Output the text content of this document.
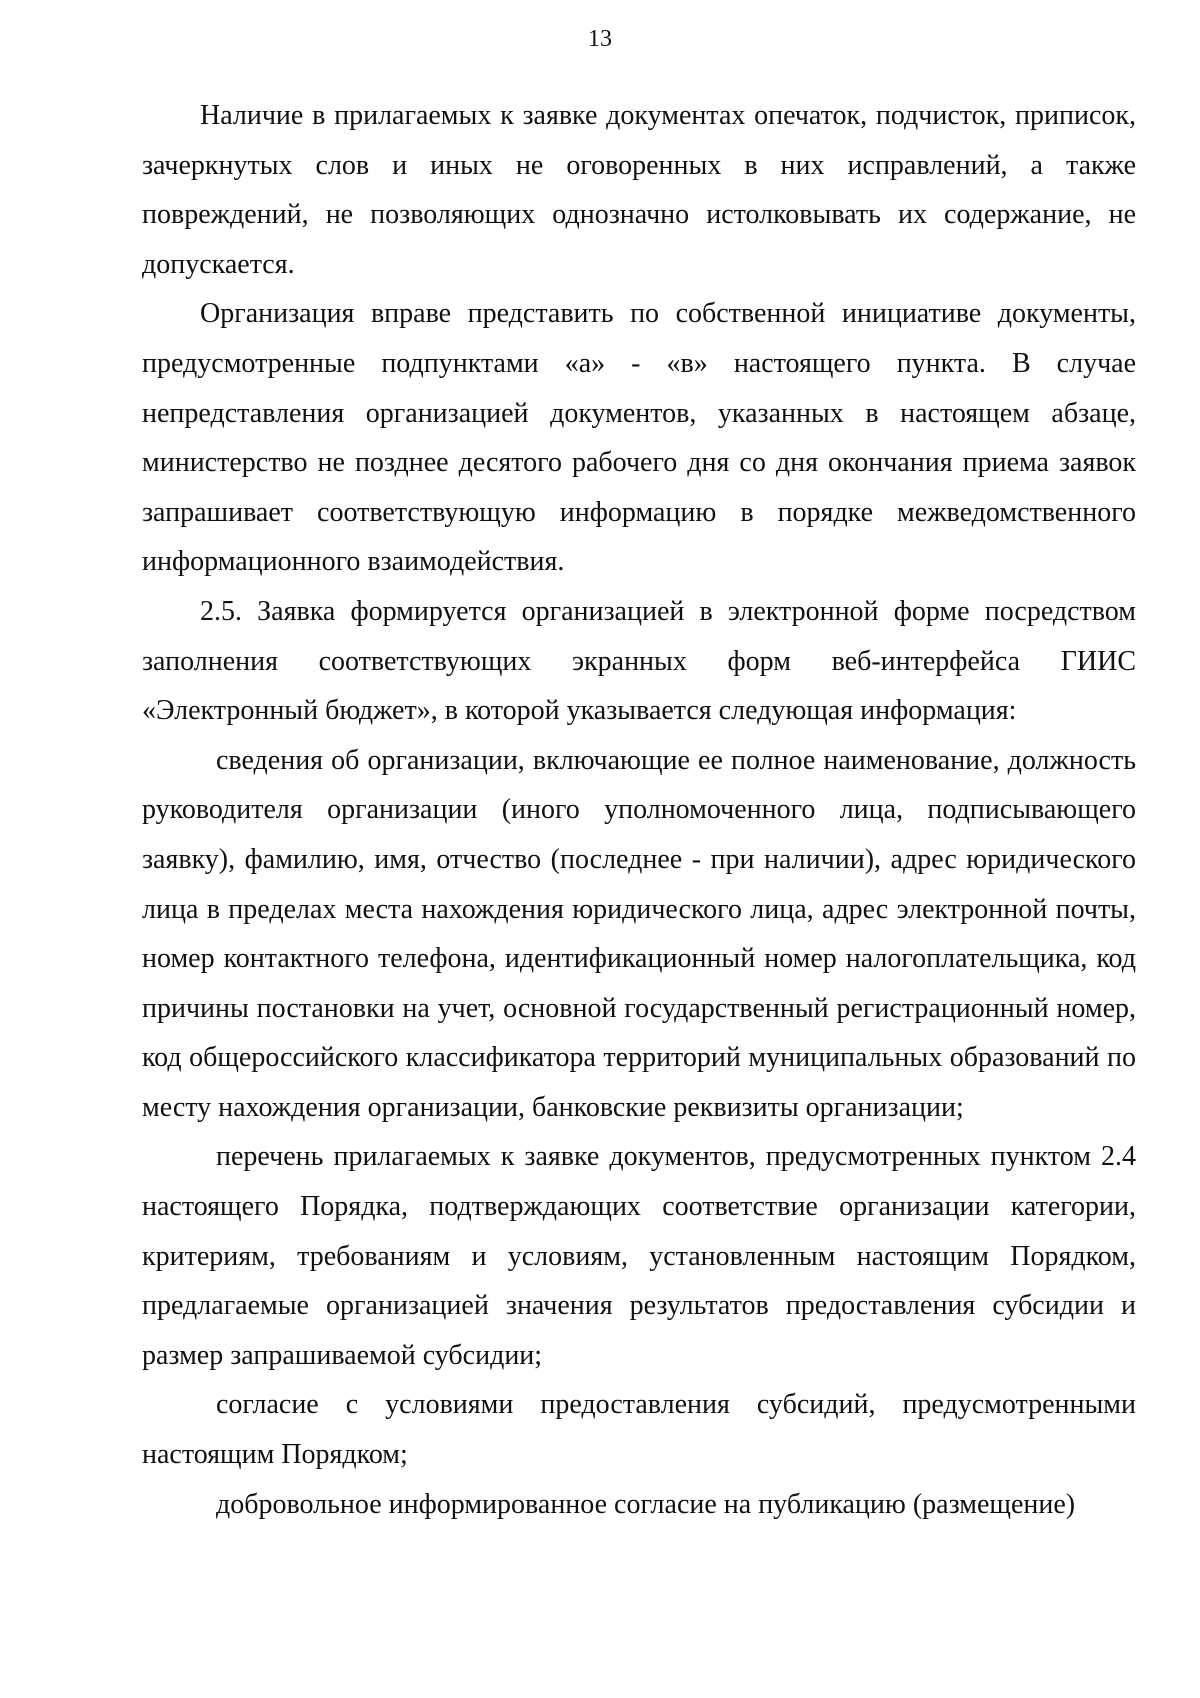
13

Наличие в прилагаемых к заявке документах опечаток, подчисток, приписок, зачеркнутых слов и иных не оговоренных в них исправлений, а также повреждений, не позволяющих однозначно истолковывать их содержание, не допускается.

Организация вправе представить по собственной инициативе документы, предусмотренные подпунктами «а» - «в» настоящего пункта. В случае непредставления организацией документов, указанных в настоящем абзаце, министерство не позднее десятого рабочего дня со дня окончания приема заявок запрашивает соответствующую информацию в порядке межведомственного информационного взаимодействия.

2.5. Заявка формируется организацией в электронной форме посредством заполнения соответствующих экранных форм веб-интерфейса ГИИС «Электронный бюджет», в которой указывается следующая информация:

сведения об организации, включающие ее полное наименование, должность руководителя организации (иного уполномоченного лица, подписывающего заявку), фамилию, имя, отчество (последнее - при наличии), адрес юридического лица в пределах места нахождения юридического лица, адрес электронной почты, номер контактного телефона, идентификационный номер налогоплательщика, код причины постановки на учет, основной государственный регистрационный номер, код общероссийского классификатора территорий муниципальных образований по месту нахождения организации, банковские реквизиты организации;

перечень прилагаемых к заявке документов, предусмотренных пунктом 2.4 настоящего Порядка, подтверждающих соответствие организации категории, критериям, требованиям и условиям, установленным настоящим Порядком, предлагаемые организацией значения результатов предоставления субсидии и размер запрашиваемой субсидии;

согласие с условиями предоставления субсидий, предусмотренными настоящим Порядком;

добровольное информированное согласие на публикацию (размещение)
